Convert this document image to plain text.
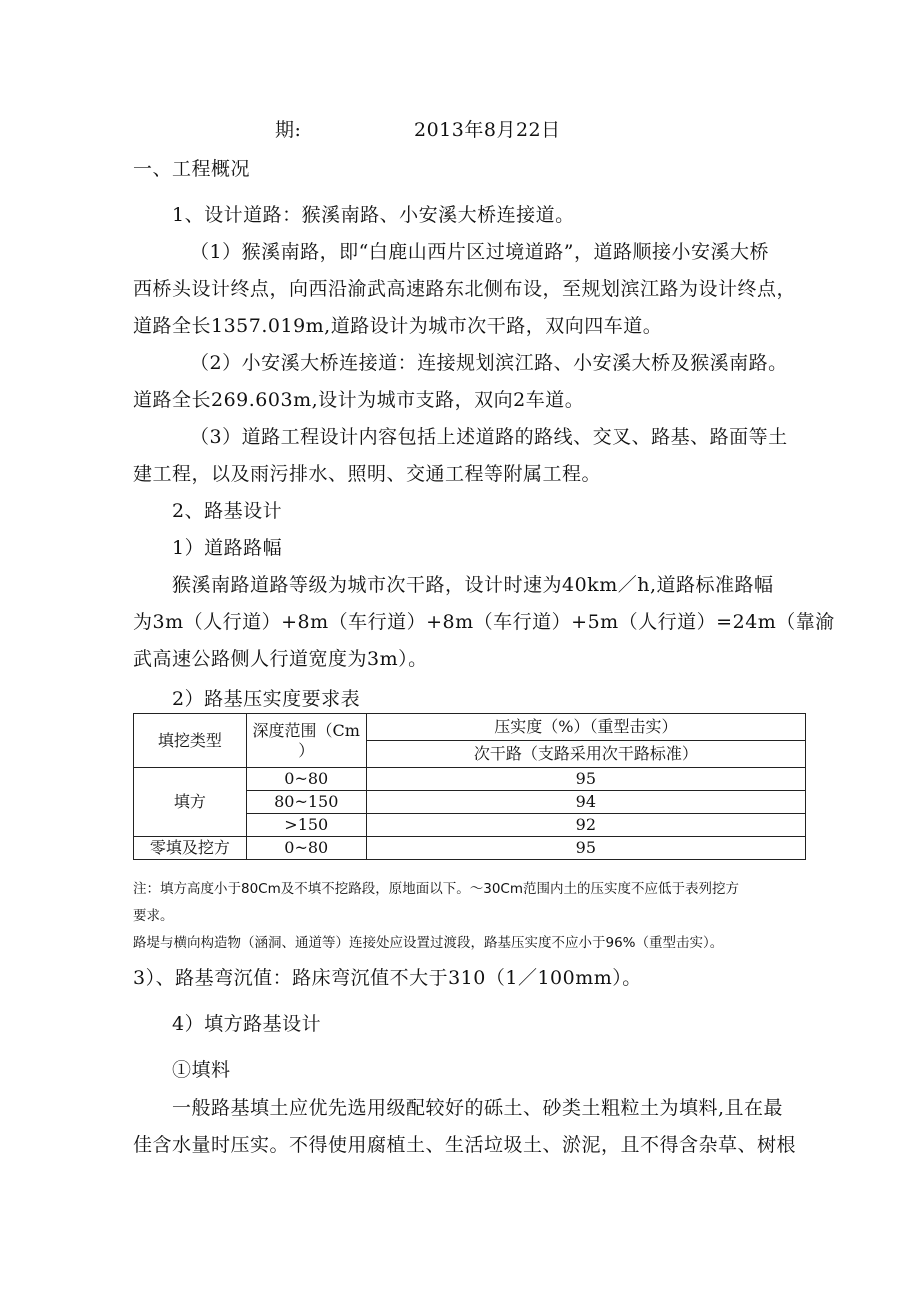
期:	2013年8月22日
一、工程概况
1、设计道路：猴溪南路、小安溪大桥连接道。
（1）猴溪南路，即“白鹿山西片区过境道路”，道路顺接小安溪大桥
西桥头设计终点，向西沿渝武高速路东北侧布设，至规划滨江路为设计终点，
道路全长1357.019m,道路设计为城市次干路，双向四车道。
（2）小安溪大桥连接道：连接规划滨江路、小安溪大桥及猴溪南路。
道路全长269.603m,设计为城市支路，双向2车道。
（3）道路工程设计内容包括上述道路的路线、交叉、路基、路面等土
建工程，以及雨污排水、照明、交通工程等附属工程。
2、路基设计
1）道路路幅
猴溪南路道路等级为城市次干路，设计时速为40km／h,道路标准路幅
为3m（人行道）+8m（车行道）+8m（车行道）+5m（人行道）=24m（靠渝
武高速公路侧人行道宽度为3m）。
2）路基压实度要求表
填挖类型	深度范围（Cm
）	压实度（%）（重型击实）
		次干路（支路采用次干路标准）
填方	0~80	95
	80~150	94
	>150	92
零填及挖方	0~80	95
注：填方高度小于80Cm及不填不挖路段，原地面以下。～30Cm范围内土的压实度不应低于表列挖方
要求。
路堤与横向构造物（涵洞、通道等）连接处应设置过渡段，路基压实度不应小于96%（重型击实）。
3）、路基弯沉值：路床弯沉值不大于310（1／100mm）。
4）填方路基设计
①填料
一般路基填土应优先选用级配较好的砾土、砂类土粗粒土为填料,且在最
佳含水量时压实。不得使用腐植土、生活垃圾土、淤泥，且不得含杂草、树根
